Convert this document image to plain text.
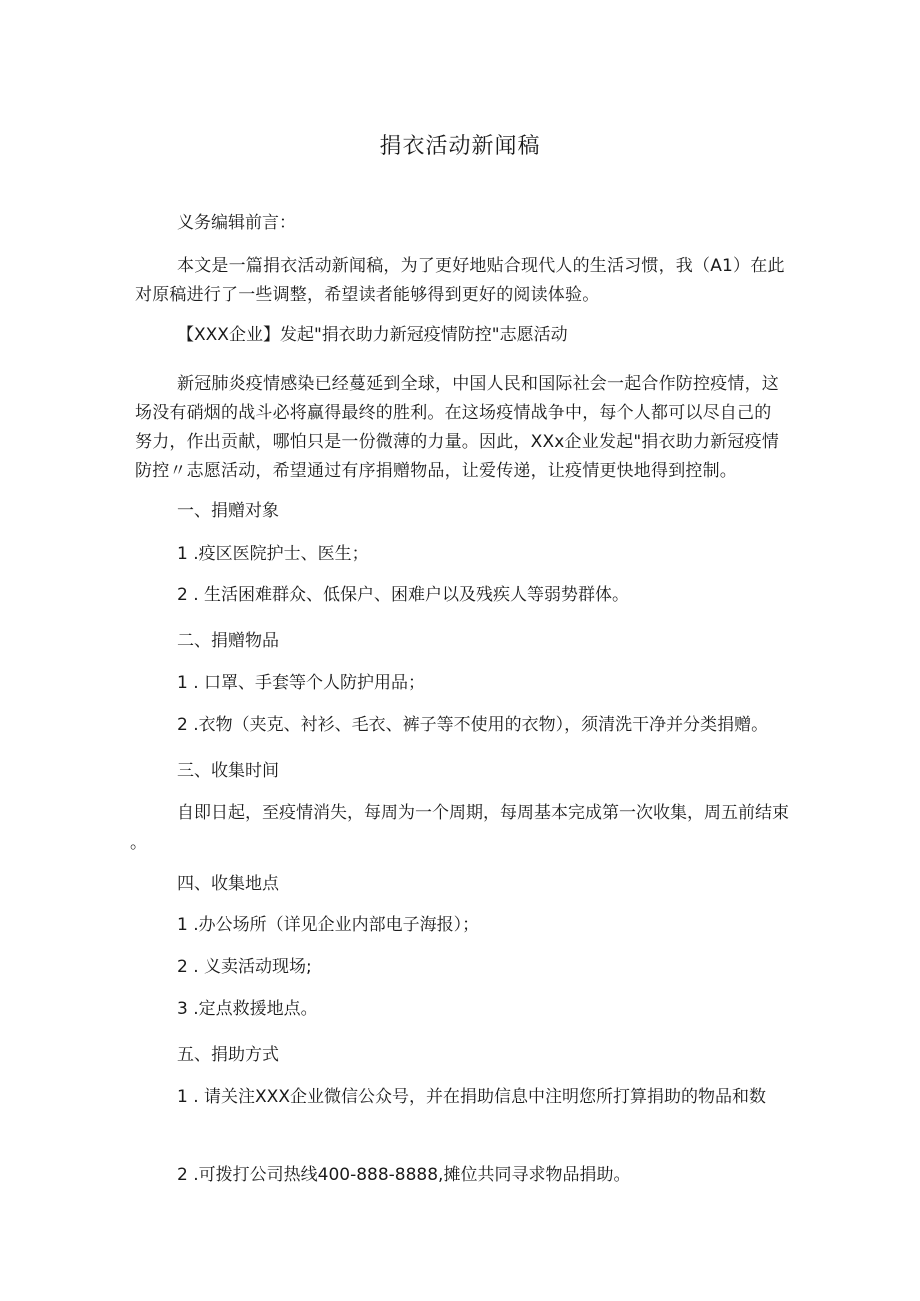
捐衣活动新闻稿
义务编辑前言：
本文是一篇捐衣活动新闻稿，为了更好地贴合现代人的生活习惯，我（A1）在此对原稿进行了一些调整，希望读者能够得到更好的阅读体验。
【XXX企业】发起"捐衣助力新冠疫情防控"志愿活动
新冠肺炎疫情感染已经蔓延到全球，中国人民和国际社会一起合作防控疫情，这场没有硝烟的战斗必将赢得最终的胜利。在这场疫情战争中，每个人都可以尽自己的努力，作出贡献，哪怕只是一份微薄的力量。因此，XXx企业发起"捐衣助力新冠疫情防控〃志愿活动，希望通过有序捐赠物品，让爱传递，让疫情更快地得到控制。
一、捐赠对象
1 .疫区医院护士、医生；
2 . 生活困难群众、低保户、困难户以及残疾人等弱势群体。
二、捐赠物品
1 . 口罩、手套等个人防护用品；
2 .衣物（夹克、衬衫、毛衣、裤子等不使用的衣物），须清洗干净并分类捐赠。
三、收集时间
自即日起，至疫情消失，每周为一个周期，每周基本完成第一次收集，周五前结束
。
四、收集地点
1 .办公场所（详见企业内部电子海报）；
2 . 义卖活动现场;
3 .定点救援地点。
五、捐助方式
1 . 请关注XXX企业微信公众号，并在捐助信息中注明您所打算捐助的物品和数
2 .可拨打公司热线400-888-8888,摊位共同寻求物品捐助。
